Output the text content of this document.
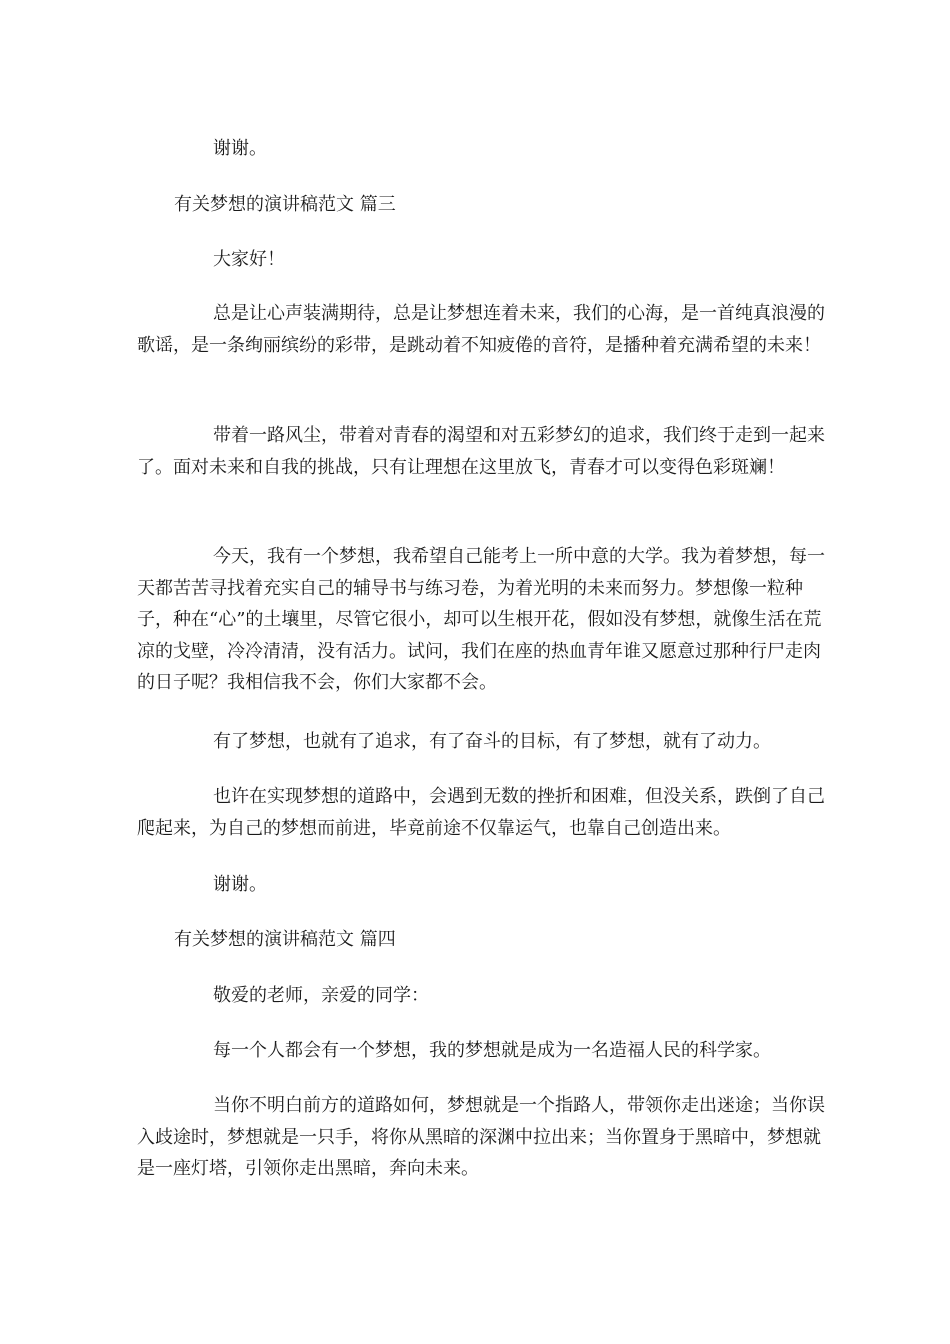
谢谢。

有关梦想的演讲稿范文 篇三

大家好！

总是让心声装满期待，总是让梦想连着未来，我们的心海，是一首纯真浪漫的歌谣，是一条绚丽缤纷的彩带，是跳动着不知疲倦的音符，是播种着充满希望的未来！

带着一路风尘，带着对青春的渴望和对五彩梦幻的追求，我们终于走到一起来了。面对未来和自我的挑战，只有让理想在这里放飞，青春才可以变得色彩斑斓！

今天，我有一个梦想，我希望自己能考上一所中意的大学。我为着梦想，每一天都苦苦寻找着充实自己的辅导书与练习卷，为着光明的未来而努力。梦想像一粒种子，种在“心”的土壤里，尽管它很小，却可以生根开花，假如没有梦想，就像生活在荒凉的戈壁，冷冷清清，没有活力。试问，我们在座的热血青年谁又愿意过那种行尸走肉的日子呢？我相信我不会，你们大家都不会。

有了梦想，也就有了追求，有了奋斗的目标，有了梦想，就有了动力。

也许在实现梦想的道路中，会遇到无数的挫折和困难，但没关系，跌倒了自己爬起来，为自己的梦想而前进，毕竟前途不仅靠运气，也靠自己创造出来。

谢谢。

有关梦想的演讲稿范文 篇四

敬爱的老师，亲爱的同学：

每一个人都会有一个梦想，我的梦想就是成为一名造福人民的科学家。

当你不明白前方的道路如何，梦想就是一个指路人，带领你走出迷途；当你误入歧途时，梦想就是一只手，将你从黑暗的深渊中拉出来；当你置身于黑暗中，梦想就是一座灯塔，引领你走出黑暗，奔向未来。
